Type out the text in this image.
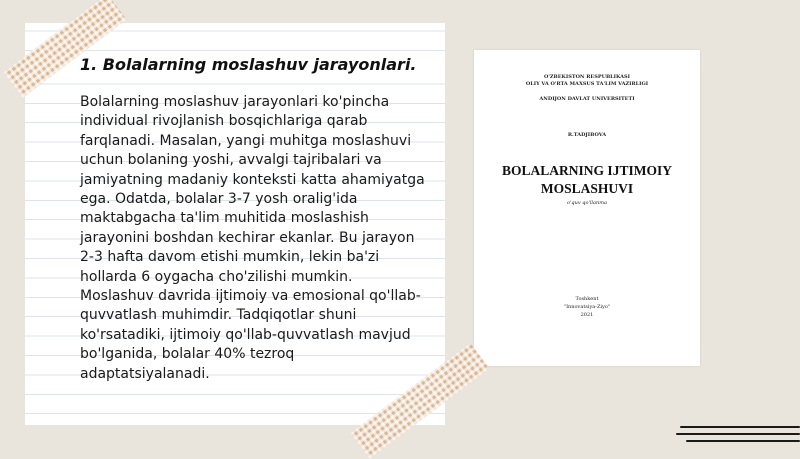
1. Bolalarning moslashuv jarayonlari.

Bolalarning moslashuv jarayonlari ko'pincha individual rivojlanish bosqichlariga qarab farqlanadi. Masalan, yangi muhitga moslashuvi uchun bolaning yoshi, avvalgi tajribalari va jamiyatning madaniy konteksti katta ahamiyatga ega. Odatda, bolalar 3-7 yosh oralig'ida maktabgacha ta'lim muhitida moslashish jarayonini boshdan kechirar ekanlar. Bu jarayon 2-3 hafta davom etishi mumkin, lekin ba'zi hollarda 6 oygacha cho'zilishi mumkin. Moslashuv davrida ijtimoiy va emosional qo'llab-quvvatlash muhimdir. Tadqiqotlar shuni ko'rsatadiki, ijtimoiy qo'llab-quvvatlash mavjud bo'lganida, bolalar 40% tezroq adaptatsiyalanadi.

O'ZBEKISTON RESPUBLIKASI
OLIY VA O'RTA MAXSUS TA'LIM VAZIRLIGI
ANDIJON DAVLAT UNIVERSITETI
R.TADJIBOVA
BOLALARNING IJTIMOIY
MOSLASHUVI
o'quv qo'llanma
Toshkent
"Innovatsiya-Ziyo"
2021
